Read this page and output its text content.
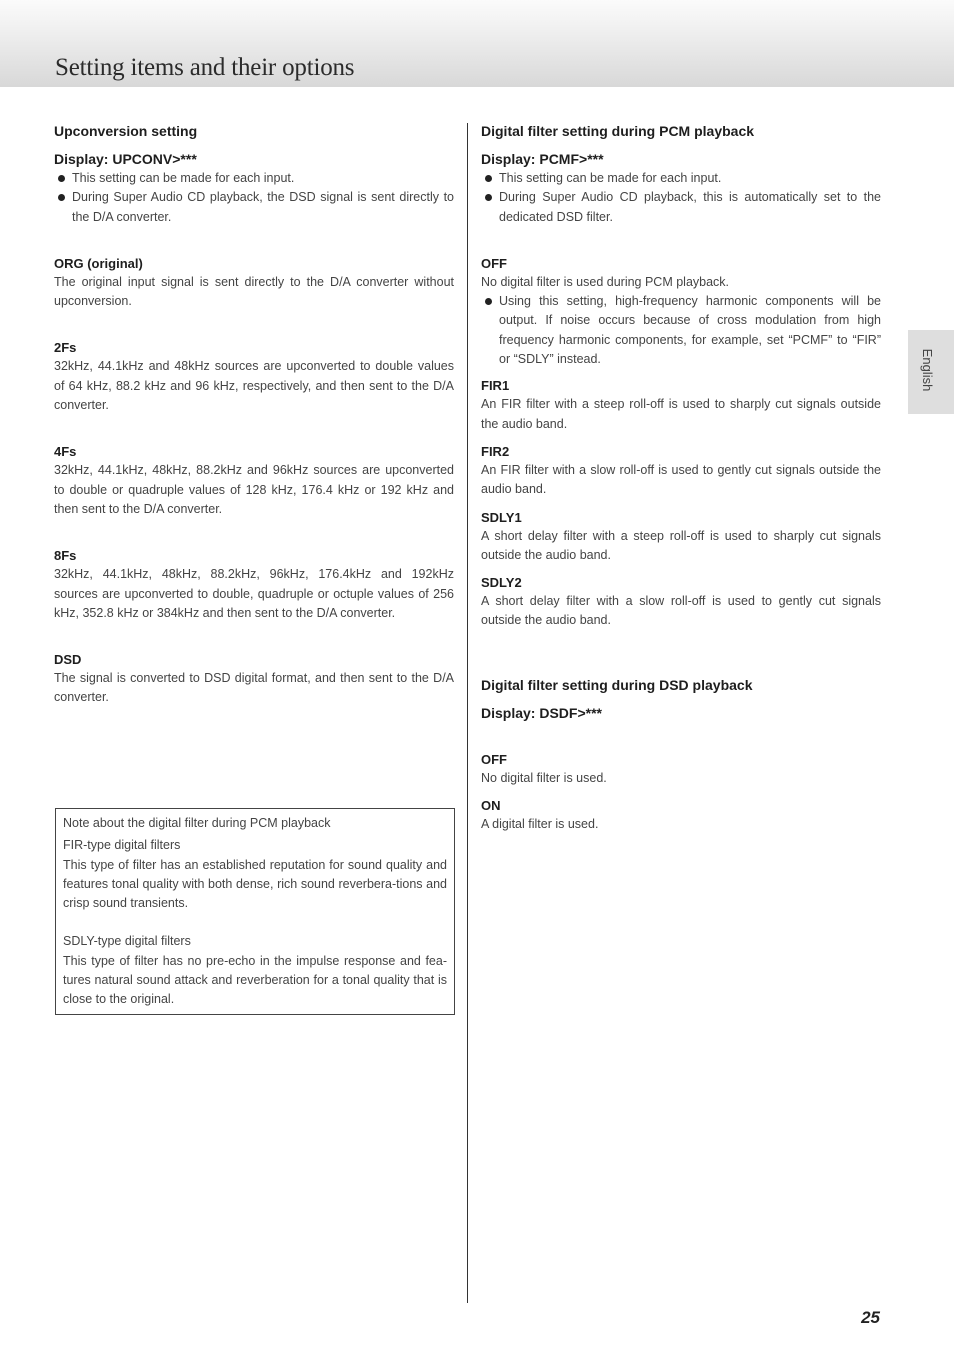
Setting items and their options
English
Upconversion setting
Display: UPCONV>***
This setting can be made for each input.
During Super Audio CD playback, the DSD signal is sent directly to the D/A converter.
ORG (original)

The original input signal is sent directly to the D/A converter without upconversion.

2Fs

32kHz, 44.1kHz and 48kHz sources are upconverted to double values of 64 kHz, 88.2 kHz and 96 kHz, respectively, and then sent to the D/A converter.

4Fs

32kHz, 44.1kHz, 48kHz, 88.2kHz and 96kHz sources are upconverted to double or quadruple values of 128 kHz, 176.4 kHz or 192 kHz and then sent to the D/A converter.

8Fs

32kHz, 44.1kHz, 48kHz, 88.2kHz, 96kHz, 176.4kHz and 192kHz sources are upconverted to double, quadruple or octuple values of 256 kHz, 352.8 kHz or 384kHz and then sent to the D/A converter.

DSD

The signal is converted to DSD digital format, and then sent to the D/A converter.

Note about the digital filter during PCM playback
FIR-type digital filters

This type of filter has an established reputation for sound quality and features tonal quality with both dense, rich sound reverbera-tions and crisp sound transients.

SDLY-type digital filters

This type of filter has no pre-echo in the impulse response and fea-tures natural sound attack and reverberation for a tonal quality that is close to the original.

Digital filter setting during PCM playback
Display: PCMF>***
This setting can be made for each input.
During Super Audio CD playback, this is automatically set to the dedicated DSD filter.
OFF

No digital filter is used during PCM playback.

Using this setting, high-frequency harmonic components will be output. If noise occurs because of cross modulation from high frequency harmonic components, for example, set “PCMF” to “FIR” or “SDLY” instead.
FIR1

An FIR filter with a steep roll-off is used to sharply cut signals outside the audio band.

FIR2

An FIR filter with a slow roll-off is used to gently cut signals outside the audio band.

SDLY1

A short delay filter with a steep roll-off is used to sharply cut signals outside the audio band.

SDLY2

A short delay filter with a slow roll-off is used to gently cut signals outside the audio band.

Digital filter setting during DSD playback
Display: DSDF>***
OFF

No digital filter is used.

ON

A digital filter is used.

25
